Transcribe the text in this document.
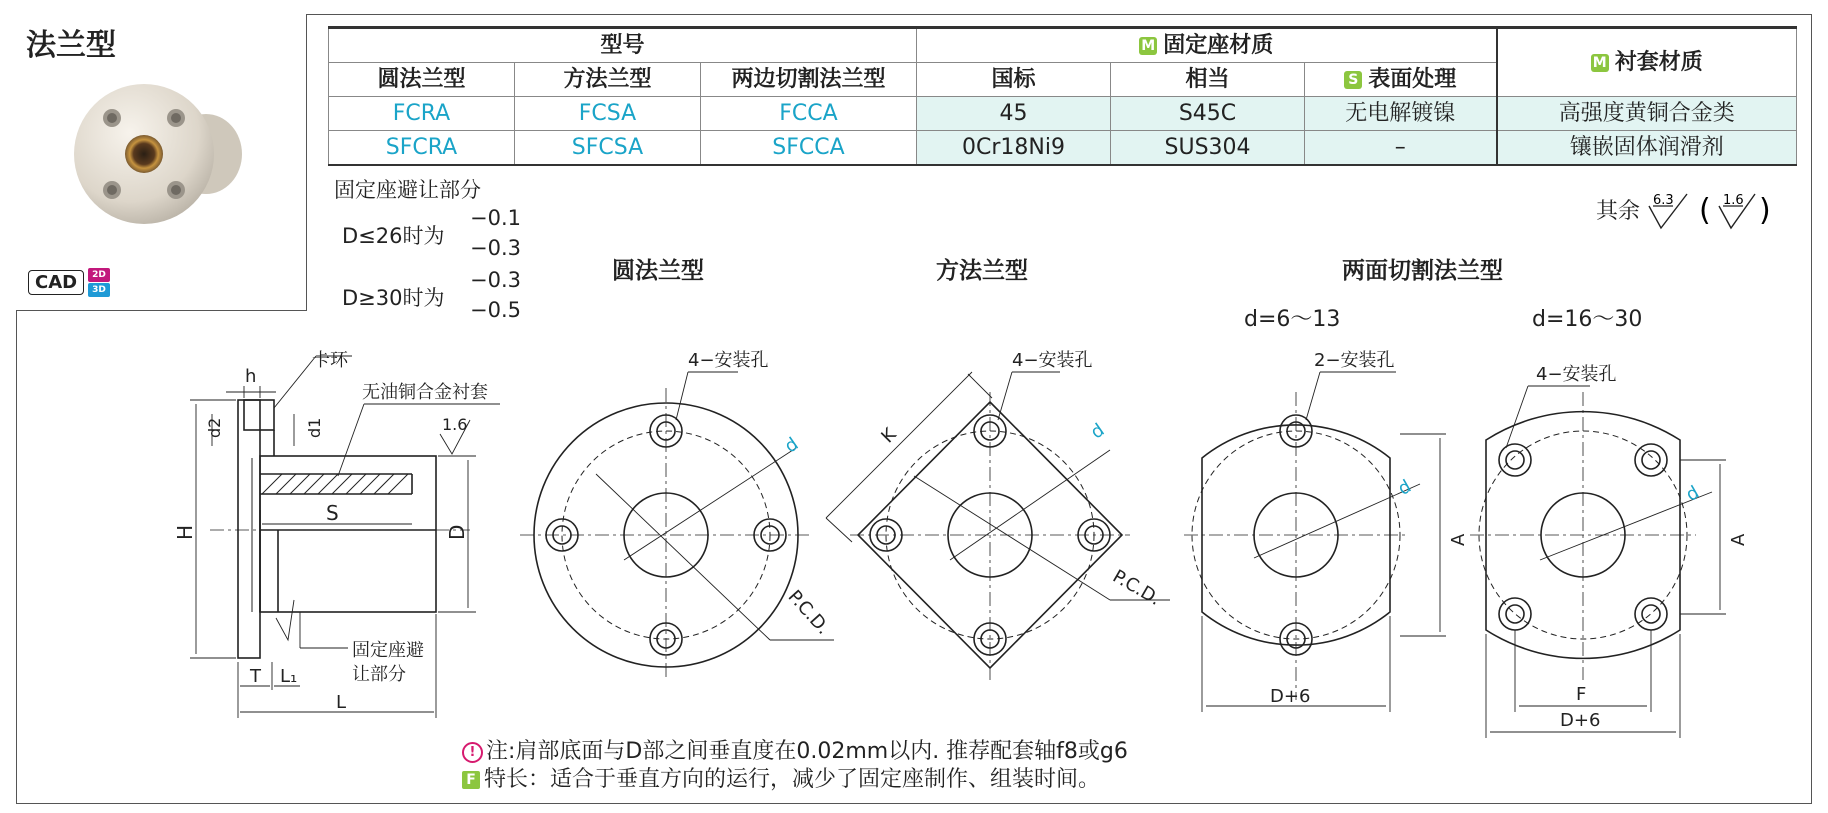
法兰型
CAD	2D
3D
型号			M 固定座材质			M 衬套材质
圆法兰型	方法兰型	两边切割法兰型	国标	相当	S 表面处理	
FCRA	FCSA	FCCA	45	S45C	无电解镀镍	高强度黄铜合金类
SFCRA	SFCSA	SFCCA	0Cr18Ni9	SUS304	–	镶嵌固体润滑剂
固定座避让部分
D≤26时为
−0.1
−0.3
D≥30时为
−0.3
−0.5
其余 6.3 ( 1.6 )
圆法兰型	方法兰型	两面切割法兰型
d=6～13	d=16～30
h
卡环
无油铜合金衬套
d2	d1	1.6
S
H	D
T L₁
L
固定座避
让部分
4−安装孔
d
P.C.D.
K
4−安装孔
d
P.C.D.
2−安装孔
d
D+6
A
4−安装孔
d
F
D+6
A
! 注:肩部底面与D部之间垂直度在0.02mm以内. 推荐配套轴f8或g6
F 特长：适合于垂直方向的运行，减少了固定座制作、组装时间。
